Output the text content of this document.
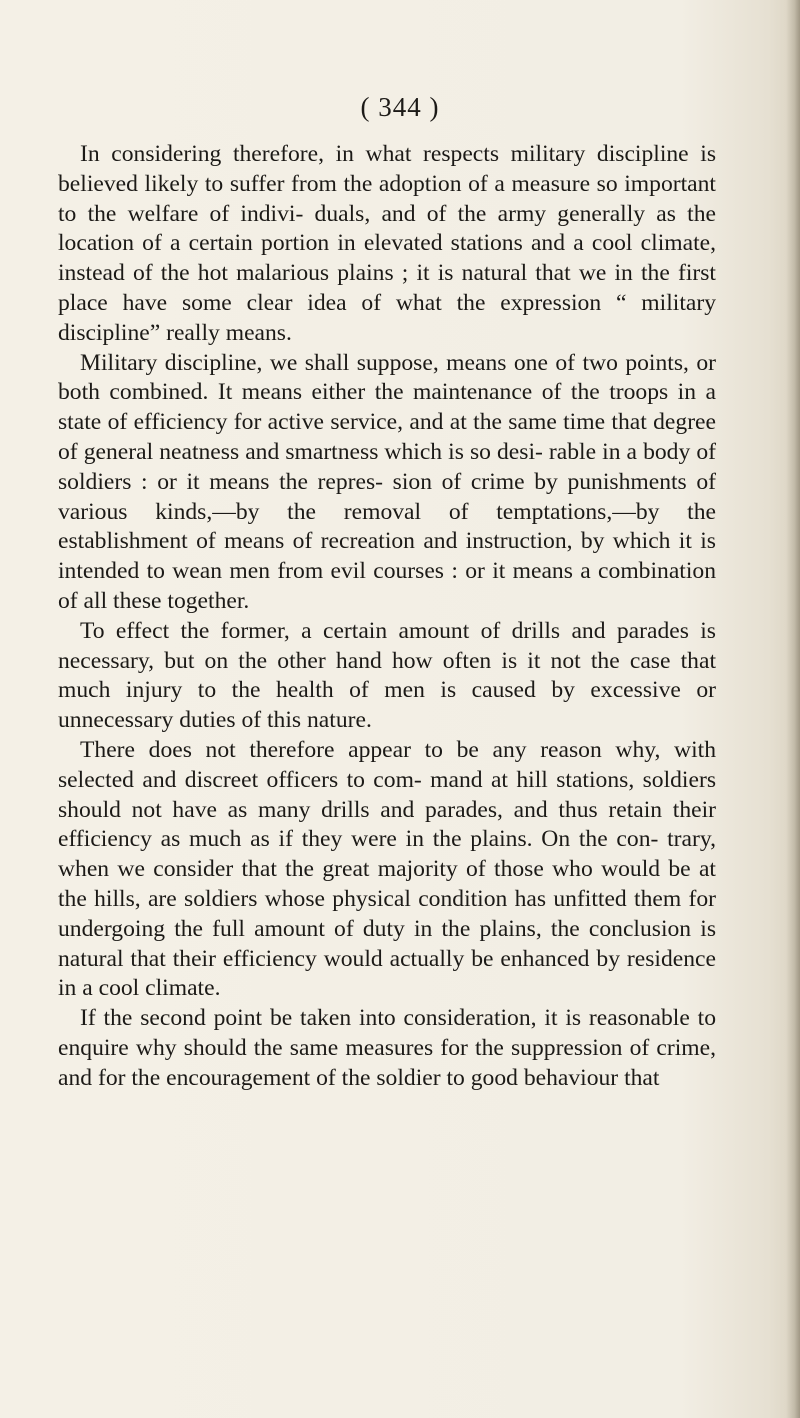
( 344 )

In considering therefore, in what respects military discipline is believed likely to suffer from the adoption of a measure so important to the welfare of indivi- duals, and of the army generally as the location of a certain portion in elevated stations and a cool climate, instead of the hot malarious plains ; it is natural that we in the first place have some clear idea of what the expression “ military discipline” really means.

Military discipline, we shall suppose, means one of two points, or both combined. It means either the maintenance of the troops in a state of efficiency for active service, and at the same time that degree of general neatness and smartness which is so desi- rable in a body of soldiers : or it means the repres- sion of crime by punishments of various kinds,—by the removal of temptations,—by the establishment of means of recreation and instruction, by which it is intended to wean men from evil courses : or it means a combination of all these together.

To effect the former, a certain amount of drills and parades is necessary, but on the other hand how often is it not the case that much injury to the health of men is caused by excessive or unnecessary duties of this nature.

There does not therefore appear to be any reason why, with selected and discreet officers to com- mand at hill stations, soldiers should not have as many drills and parades, and thus retain their efficiency as much as if they were in the plains. On the con- trary, when we consider that the great majority of those who would be at the hills, are soldiers whose physical condition has unfitted them for undergoing the full amount of duty in the plains, the conclusion is natural that their efficiency would actually be enhanced by residence in a cool climate.

If the second point be taken into consideration, it is reasonable to enquire why should the same measures for the suppression of crime, and for the encouragement of the soldier to good behaviour that
